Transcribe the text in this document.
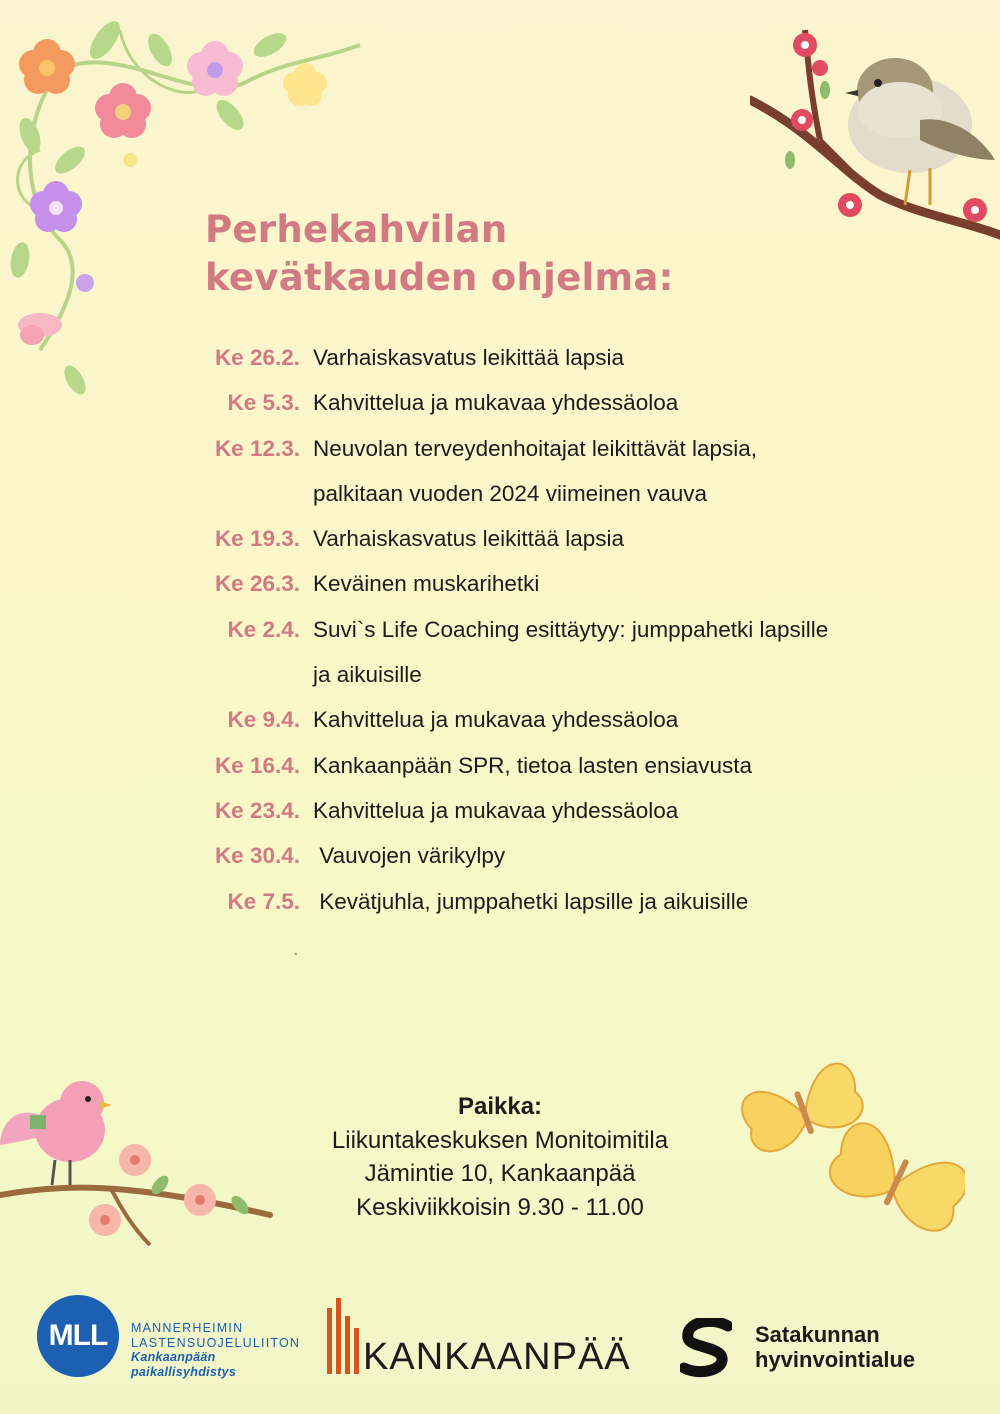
Perhekahvilan
kevätkauden ohjelma:
Ke 26.2. Varhaiskasvatus leikittää lapsia
Ke 5.3. Kahvittelua ja mukavaa yhdessäoloa
Ke 12.3. Neuvolan terveydenhoitajat leikittävät lapsia,
palkitaan vuoden 2024 viimeinen vauva
Ke 19.3. Varhaiskasvatus leikittää lapsia
Ke 26.3. Keväinen muskarihetki
Ke 2.4. Suvi`s Life Coaching esittäytyy: jumppahetki lapsille
ja aikuisille
Ke 9.4. Kahvittelua ja mukavaa yhdessäoloa
Ke 16.4. Kankaanpään SPR, tietoa lasten ensiavusta
Ke 23.4. Kahvittelua ja mukavaa yhdessäoloa
Ke 30.4. Vauvojen värikylpy
Ke 7.5. Kevätjuhla, jumppahetki lapsille ja aikuisille
.
Paikka:
Liikuntakeskuksen Monitoimitila
Jämintie 10, Kankaanpää
Keskiviikkoisin 9.30 - 11.00
MLL	MANNERHEIMIN
LASTENSUOJELULIITON
Kankaanpään
paikallisyhdistys	KANKAANPÄÄ
Satakunnan
hyvinvointialue
